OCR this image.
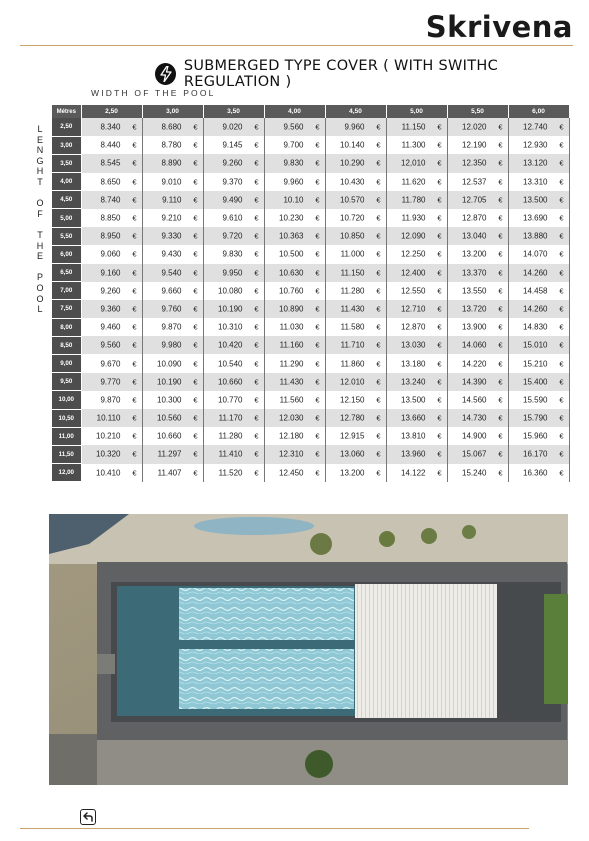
Skrivena
SUBMERGED TYPE COVER ( WITH SWITHC REGULATION )
WIDTH OF THE POOL
L
E
N
G
H
T
O
F
T
H
E
P
O
O
L
Métres	2,50	3,00	3,50	4,00	4,50	5,00	5,50	6,00
2,50	8.340 €	8.680 €	9.020 €	9.560 €	9.960 €	11.150 €	12.020 €	12.740 €

3,00	8.440 €	8.780 €	9.145 €	9.700 €	10.140 €	11.300 €	12.190 €	12.930 €

3,50	8.545 €	8.890 €	9.260 €	9.830 €	10.290 €	12,010 €	12.350 €	13.120 €

4,00	8.650 €	9.010 €	9.370 €	9.960 €	10.430 €	11.620 €	12.537 €	13.310 €

4,50	8.740 €	9.110 €	9.490 €	10.10 €	10.570 €	11.780 €	12.705 €	13.500 €

5,00	8.850 €	9.210 €	9.610 €	10.230 €	10.720 €	11.930 €	12.870 €	13.690 €

5,50	8.950 €	9.330 €	9.720 €	10.363 €	10.850 €	12.090 €	13.040 €	13.880 €

6,00	9.060 €	9.430 €	9.830 €	10.500 €	11.000 €	12.250 €	13.200 €	14.070 €

6,50	9.160 €	9.540 €	9.950 €	10.630 €	11.150 €	12.400 €	13.370 €	14.260 €

7,00	9.260 €	9.660 €	10.080 €	10.760 €	11.280 €	12.550 €	13.550 €	14.458 €

7,50	9.360 €	9.760 €	10.190 €	10.890 €	11.430 €	12.710 €	13.720 €	14.260 €

8,00	9.460 €	9.870 €	10.310 €	11.030 €	11.580 €	12.870 €	13.900 €	14.830 €

8,50	9.560 €	9.980 €	10.420 €	11.160 €	11.710 €	13.030 €	14.060 €	15.010 €

9,00	9.670 €	10.090 €	10.540 €	11.290 €	11.860 €	13.180 €	14.220 €	15.210 €

9,50	9.770 €	10.190 €	10.660 €	11.430 €	12.010 €	13.240 €	14.390 €	15.400 €

10,00	9.870 €	10.300 €	10.770 €	11.560 €	12.150 €	13.500 €	14.560 €	15.590 €

10,50	10.110 €	10.560 €	11.170 €	12.030 €	12.780 €	13.660 €	14.730 €	15.790 €

11,00	10.210 €	10.660 €	11.280 €	12.180 €	12.915 €	13.810 €	14.900 €	15.960 €

11,50	10.320 €	11.297 €	11.410 €	12.310 €	13.060 €	13.960 €	15.067 €	16.170 €

12,00	10.410 €	11.407 €	11.520 €	12.450 €	13.200 €	14.122 €	15.240 €	16.360 €
